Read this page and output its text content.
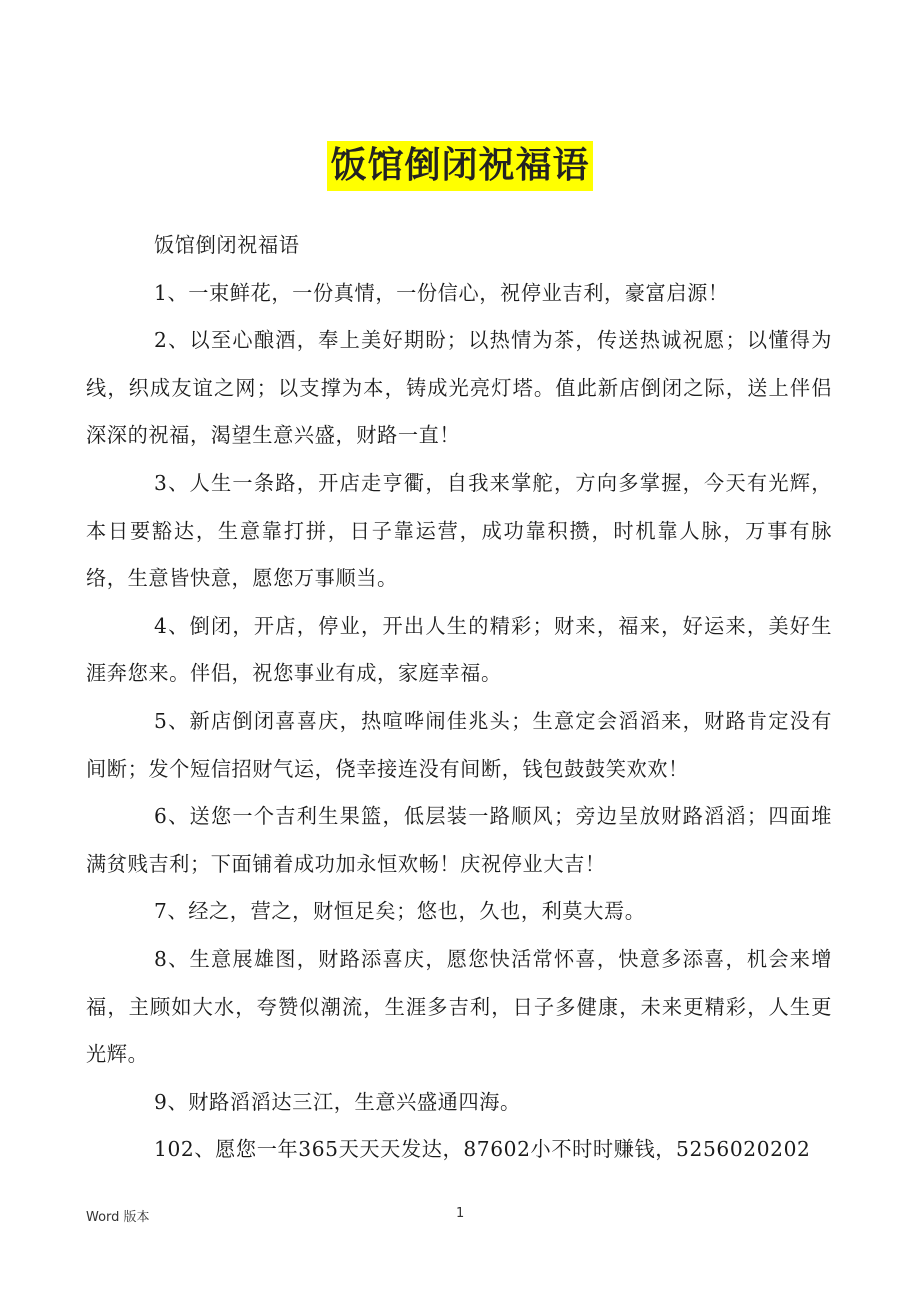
饭馆倒闭祝福语

饭馆倒闭祝福语

1、一束鲜花，一份真情，一份信心，祝停业吉利，豪富启源！

2、以至心酿酒，奉上美好期盼；以热情为茶，传送热诚祝愿；以懂得为线，织成友谊之网；以支撑为本，铸成光亮灯塔。值此新店倒闭之际，送上伴侣深深的祝福，渴望生意兴盛，财路一直！

3、人生一条路，开店走亨衢，自我来掌舵，方向多掌握，今天有光辉，本日要豁达，生意靠打拼，日子靠运营，成功靠积攒，时机靠人脉，万事有脉络，生意皆快意，愿您万事顺当。

4、倒闭，开店，停业，开出人生的精彩；财来，福来，好运来，美好生涯奔您来。伴侣，祝您事业有成，家庭幸福。

5、新店倒闭喜喜庆，热喧哗闹佳兆头；生意定会滔滔来，财路肯定没有间断；发个短信招财气运，侥幸接连没有间断，钱包鼓鼓笑欢欢！

6、送您一个吉利生果篮，低层装一路顺风；旁边呈放财路滔滔；四面堆满贫贱吉利；下面铺着成功加永恒欢畅！庆祝停业大吉！

7、经之，营之，财恒足矣；悠也，久也，利莫大焉。

8、生意展雄图，财路添喜庆，愿您快活常怀喜，快意多添喜，机会来增福，主顾如大水，夸赞似潮流，生涯多吉利，日子多健康，未来更精彩，人生更光辉。

9、财路滔滔达三江，生意兴盛通四海。

102、愿您一年365天天天发达，87602小不时时赚钱，5256020202

Word 版本	1
